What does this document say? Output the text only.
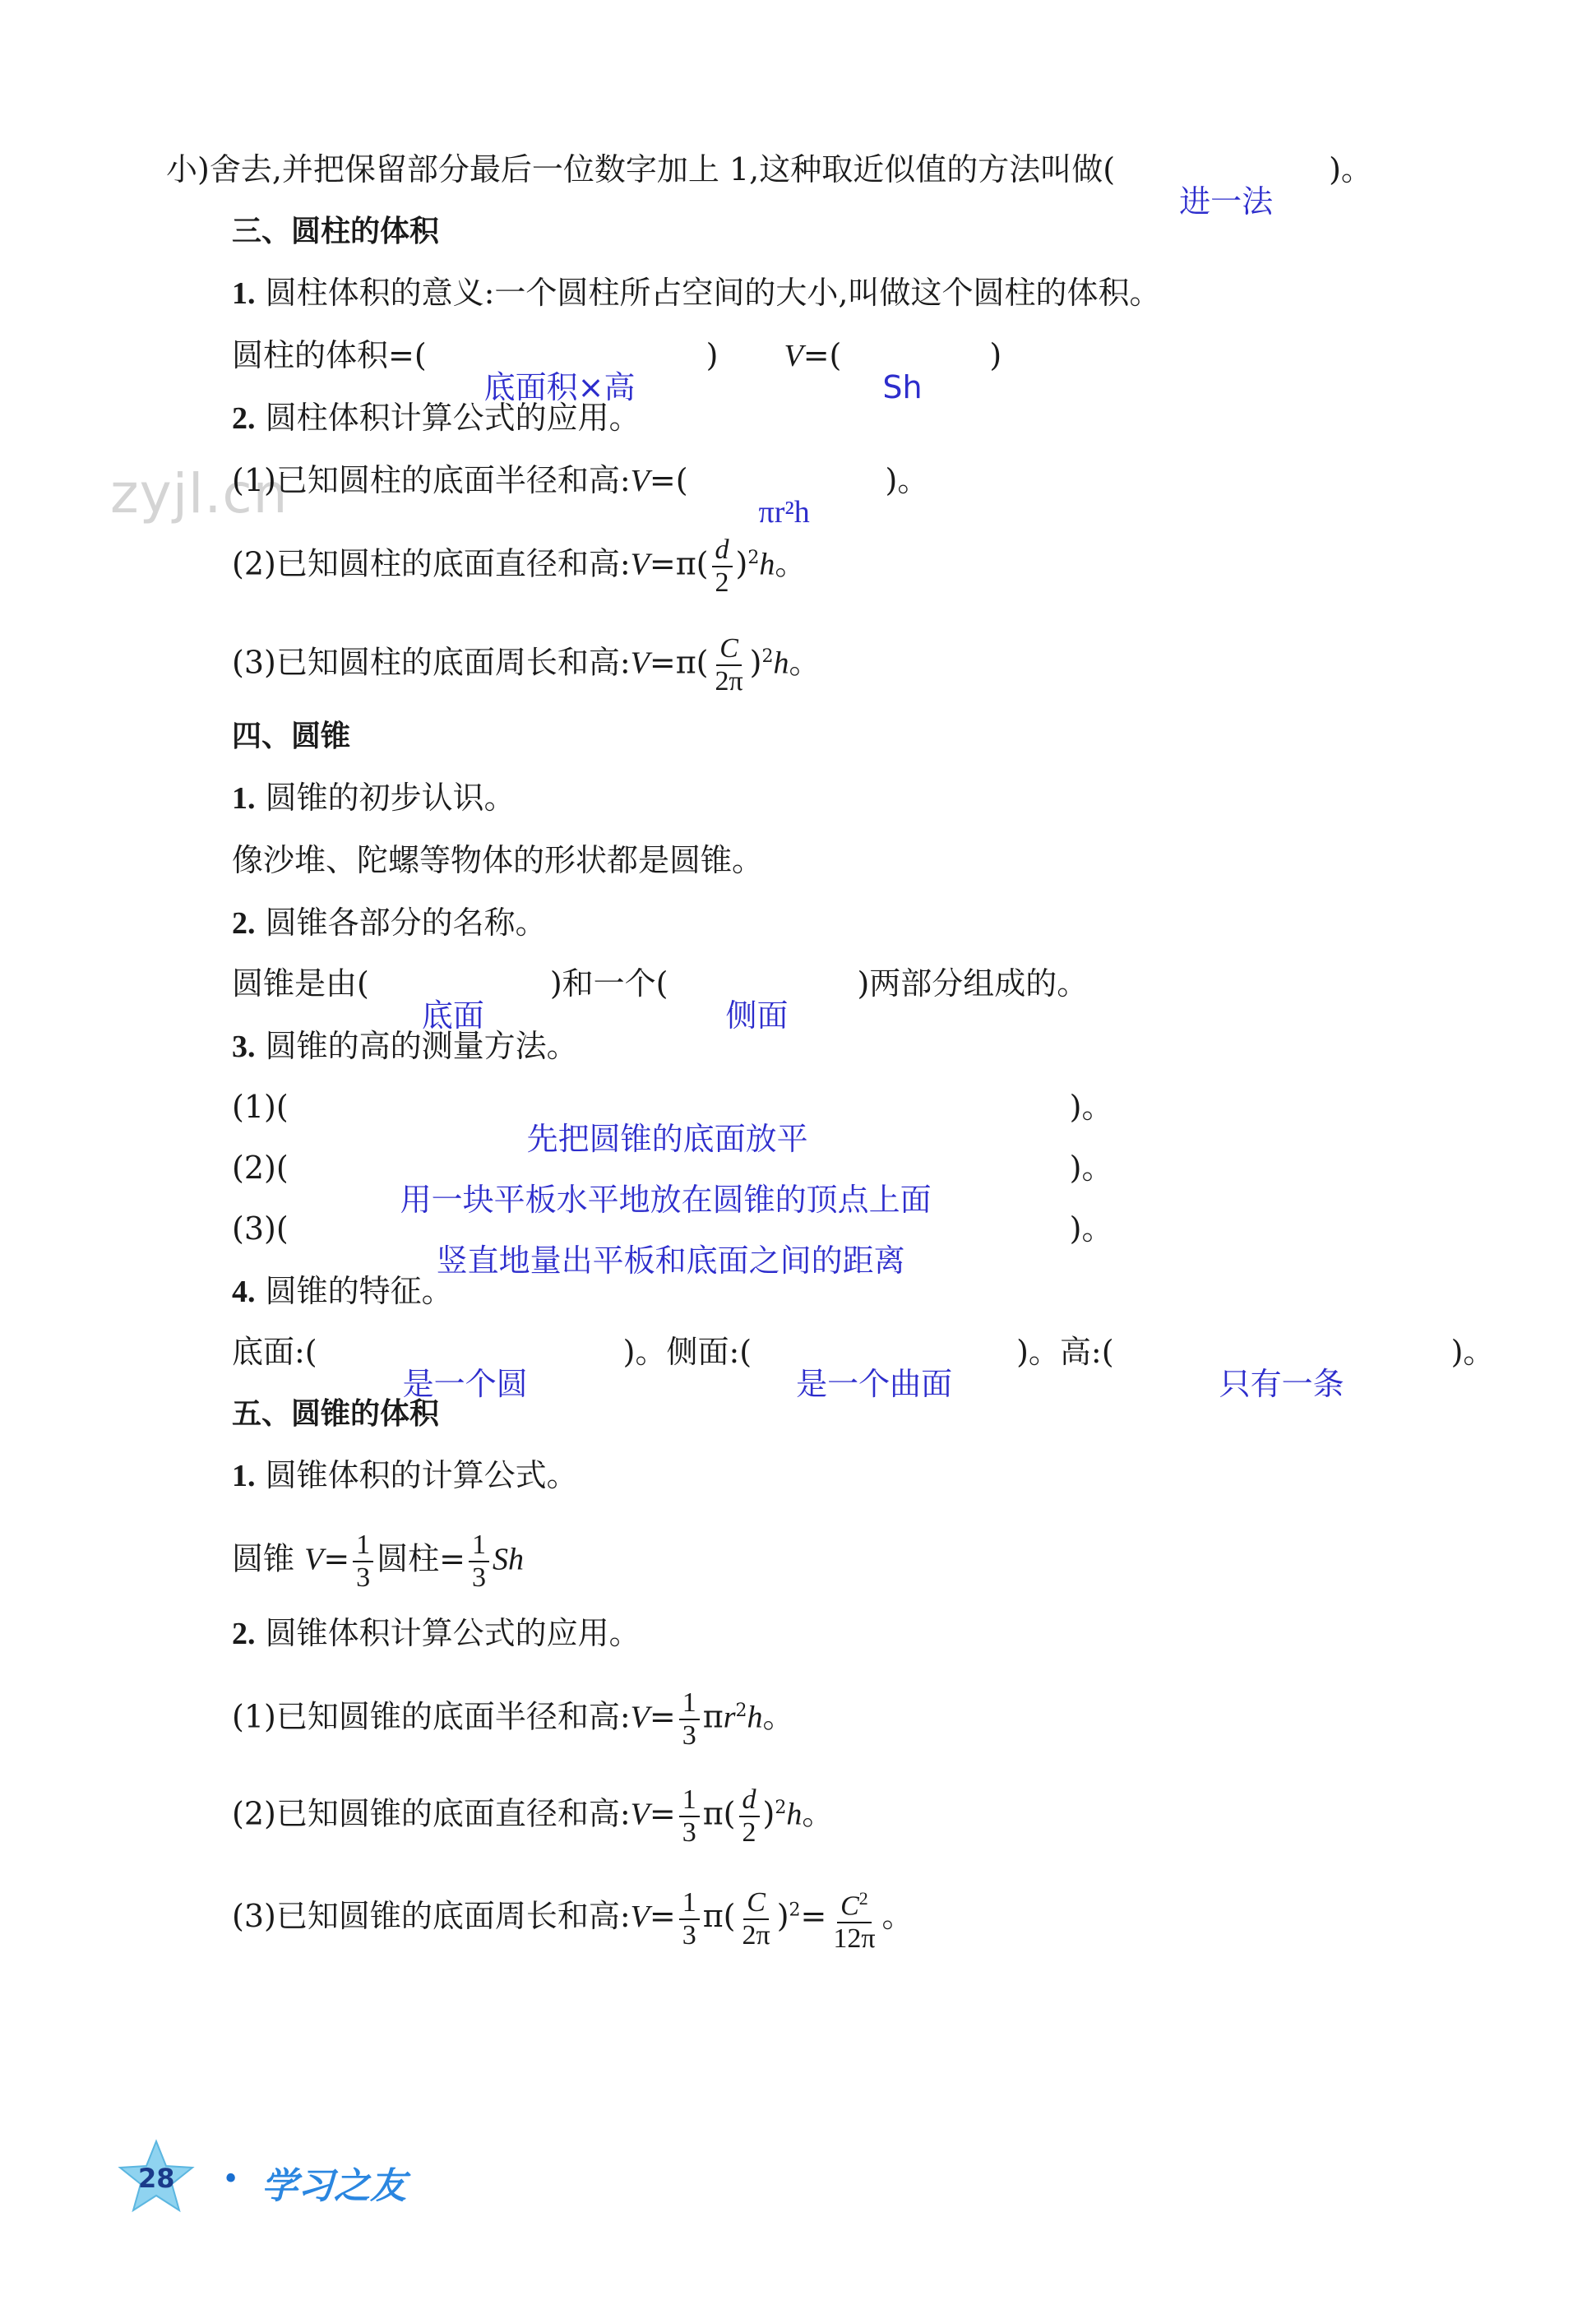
zyjl.cn
小)舍去,并把保留部分最后一位数字加上 1,这种取近似值的方法叫做(
进一法
)。
三、圆柱的体积
1. 圆柱体积的意义:一个圆柱所占空间的大小,叫做这个圆柱的体积。
圆柱的体积=(
底面积×高
) V=(
Sh
)
2. 圆柱体积计算公式的应用。
(1)已知圆柱的底面半径和高:V=(
πr²h
)。
(2)已知圆柱的底面直径和高:V=π( $\frac{d}{2} )^2h$。
(3)已知圆柱的底面周长和高:V=π( $\frac{C}{2\pi} )^2h$。
四、圆锥
1. 圆锥的初步认识。
像沙堆、陀螺等物体的形状都是圆锥。
2. 圆锥各部分的名称。
圆锥是由(
底面
)和一个(
侧面
)两部分组成的。
3. 圆锥的高的测量方法。
(1)(
先把圆锥的底面放平
)。
(2)(
用一块平板水平地放在圆锥的顶点上面
)。
(3)(
竖直地量出平板和底面之间的距离
)。
4. 圆锥的特征。
底面:(
是一个圆
)。侧面:(
是一个曲面
)。高:(
只有一条
)。
五、圆锥的体积
1. 圆锥体积的计算公式。
圆锥 $V= \frac{1}{3}$ 圆柱= $\frac{1}{3}$ Sh
2. 圆锥体积计算公式的应用。
(1)已知圆锥的底面半径和高:V= $\frac{1}{3} \pi r^2h$。
(2)已知圆锥的底面直径和高:V= $\frac{1}{3} \pi( \frac{d}{2} )^2h$。
(3)已知圆锥的底面周长和高:V= $\frac{1}{3} \pi( \frac{C}{2\pi} )^2= \frac{C^2}{12\pi}$ 。
28 • 学习之友
